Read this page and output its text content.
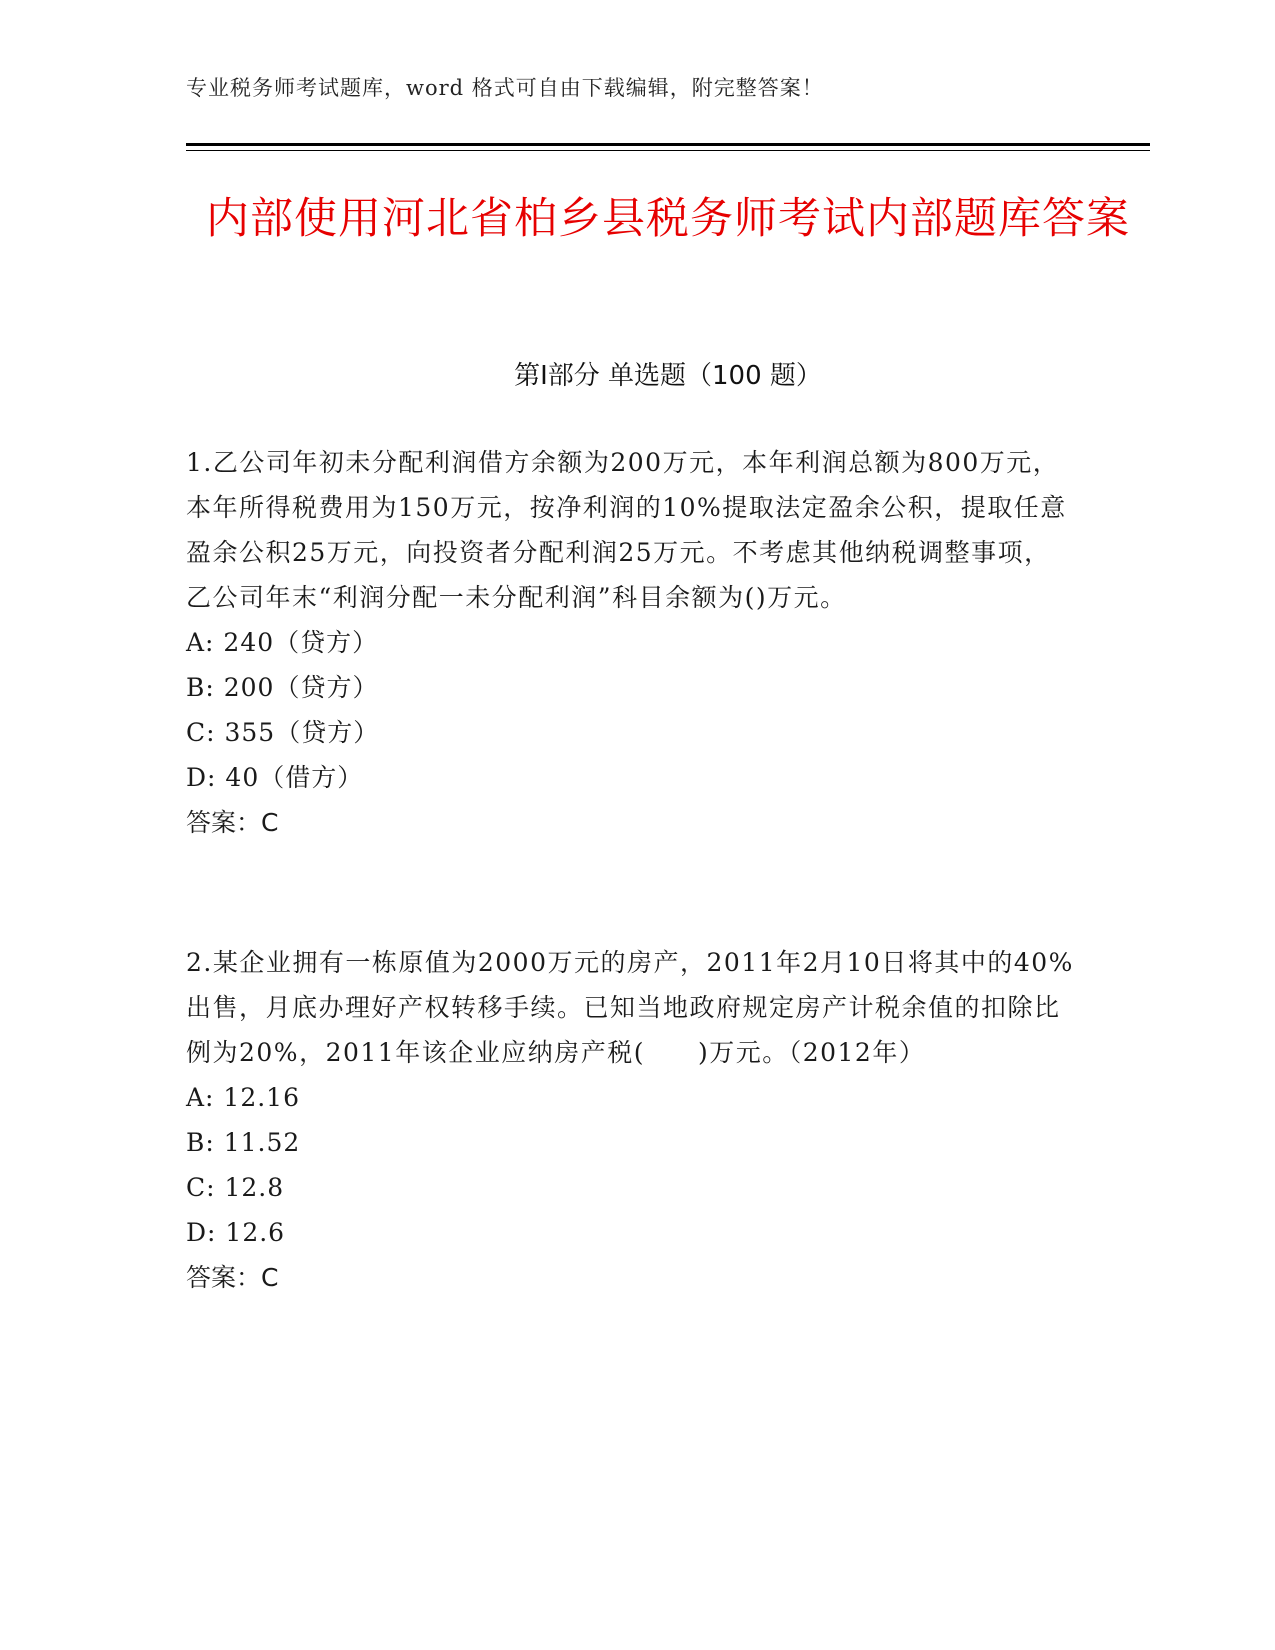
专业税务师考试题库，word 格式可自由下载编辑，附完整答案！
内部使用河北省柏乡县税务师考试内部题库答案
第Ⅰ部分 单选题（100 题）

1.乙公司年初未分配利润借方余额为200万元，本年利润总额为800万元，本年所得税费用为150万元，按净利润的10%提取法定盈余公积，提取任意盈余公积25万元，向投资者分配利润25万元。不考虑其他纳税调整事项，乙公司年末“利润分配一未分配利润”科目余额为()万元。

A: 240（贷方）

B: 200（贷方）

C: 355（贷方）

D: 40（借方）

答案：C

2.某企业拥有一栋原值为2000万元的房产，2011年2月10日将其中的40%出售，月底办理好产权转移手续。已知当地政府规定房产计税余值的扣除比例为20%，2011年该企业应纳房产税(　　)万元。（2012年）

A: 12.16

B: 11.52

C: 12.8

D: 12.6

答案：C
